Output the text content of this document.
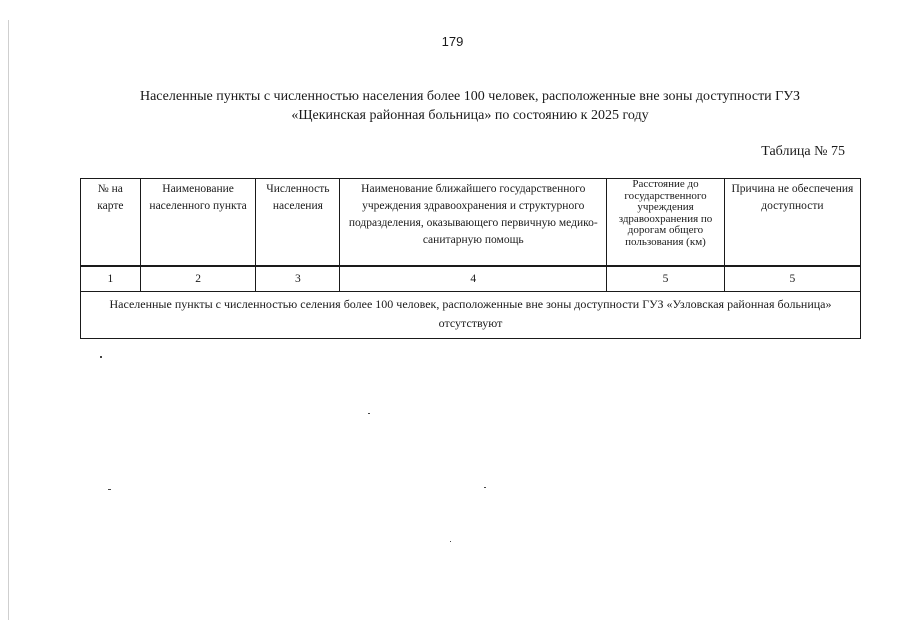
179
Населенные пункты с численностью населения более 100 человек, расположенные вне зоны доступности ГУЗ
«Щекинская районная больница» по состоянию к 2025 году
Таблица № 75
№ на карте	Наименование населенного пункта	Численность населения	Наименование ближайшего государственного учреждения здравоохранения и структурного подразделения, оказывающего первичную медико-санитарную помощь	Расстояние до государственного учреждения здравоохранения по дорогам общего пользования (км)	Причина не обеспечения доступности
1	2	3	4	5	5
Населенные пункты с численностью селения более 100 человек, расположенные вне зоны доступности ГУЗ «Узловская районная больница» отсутствуют					
